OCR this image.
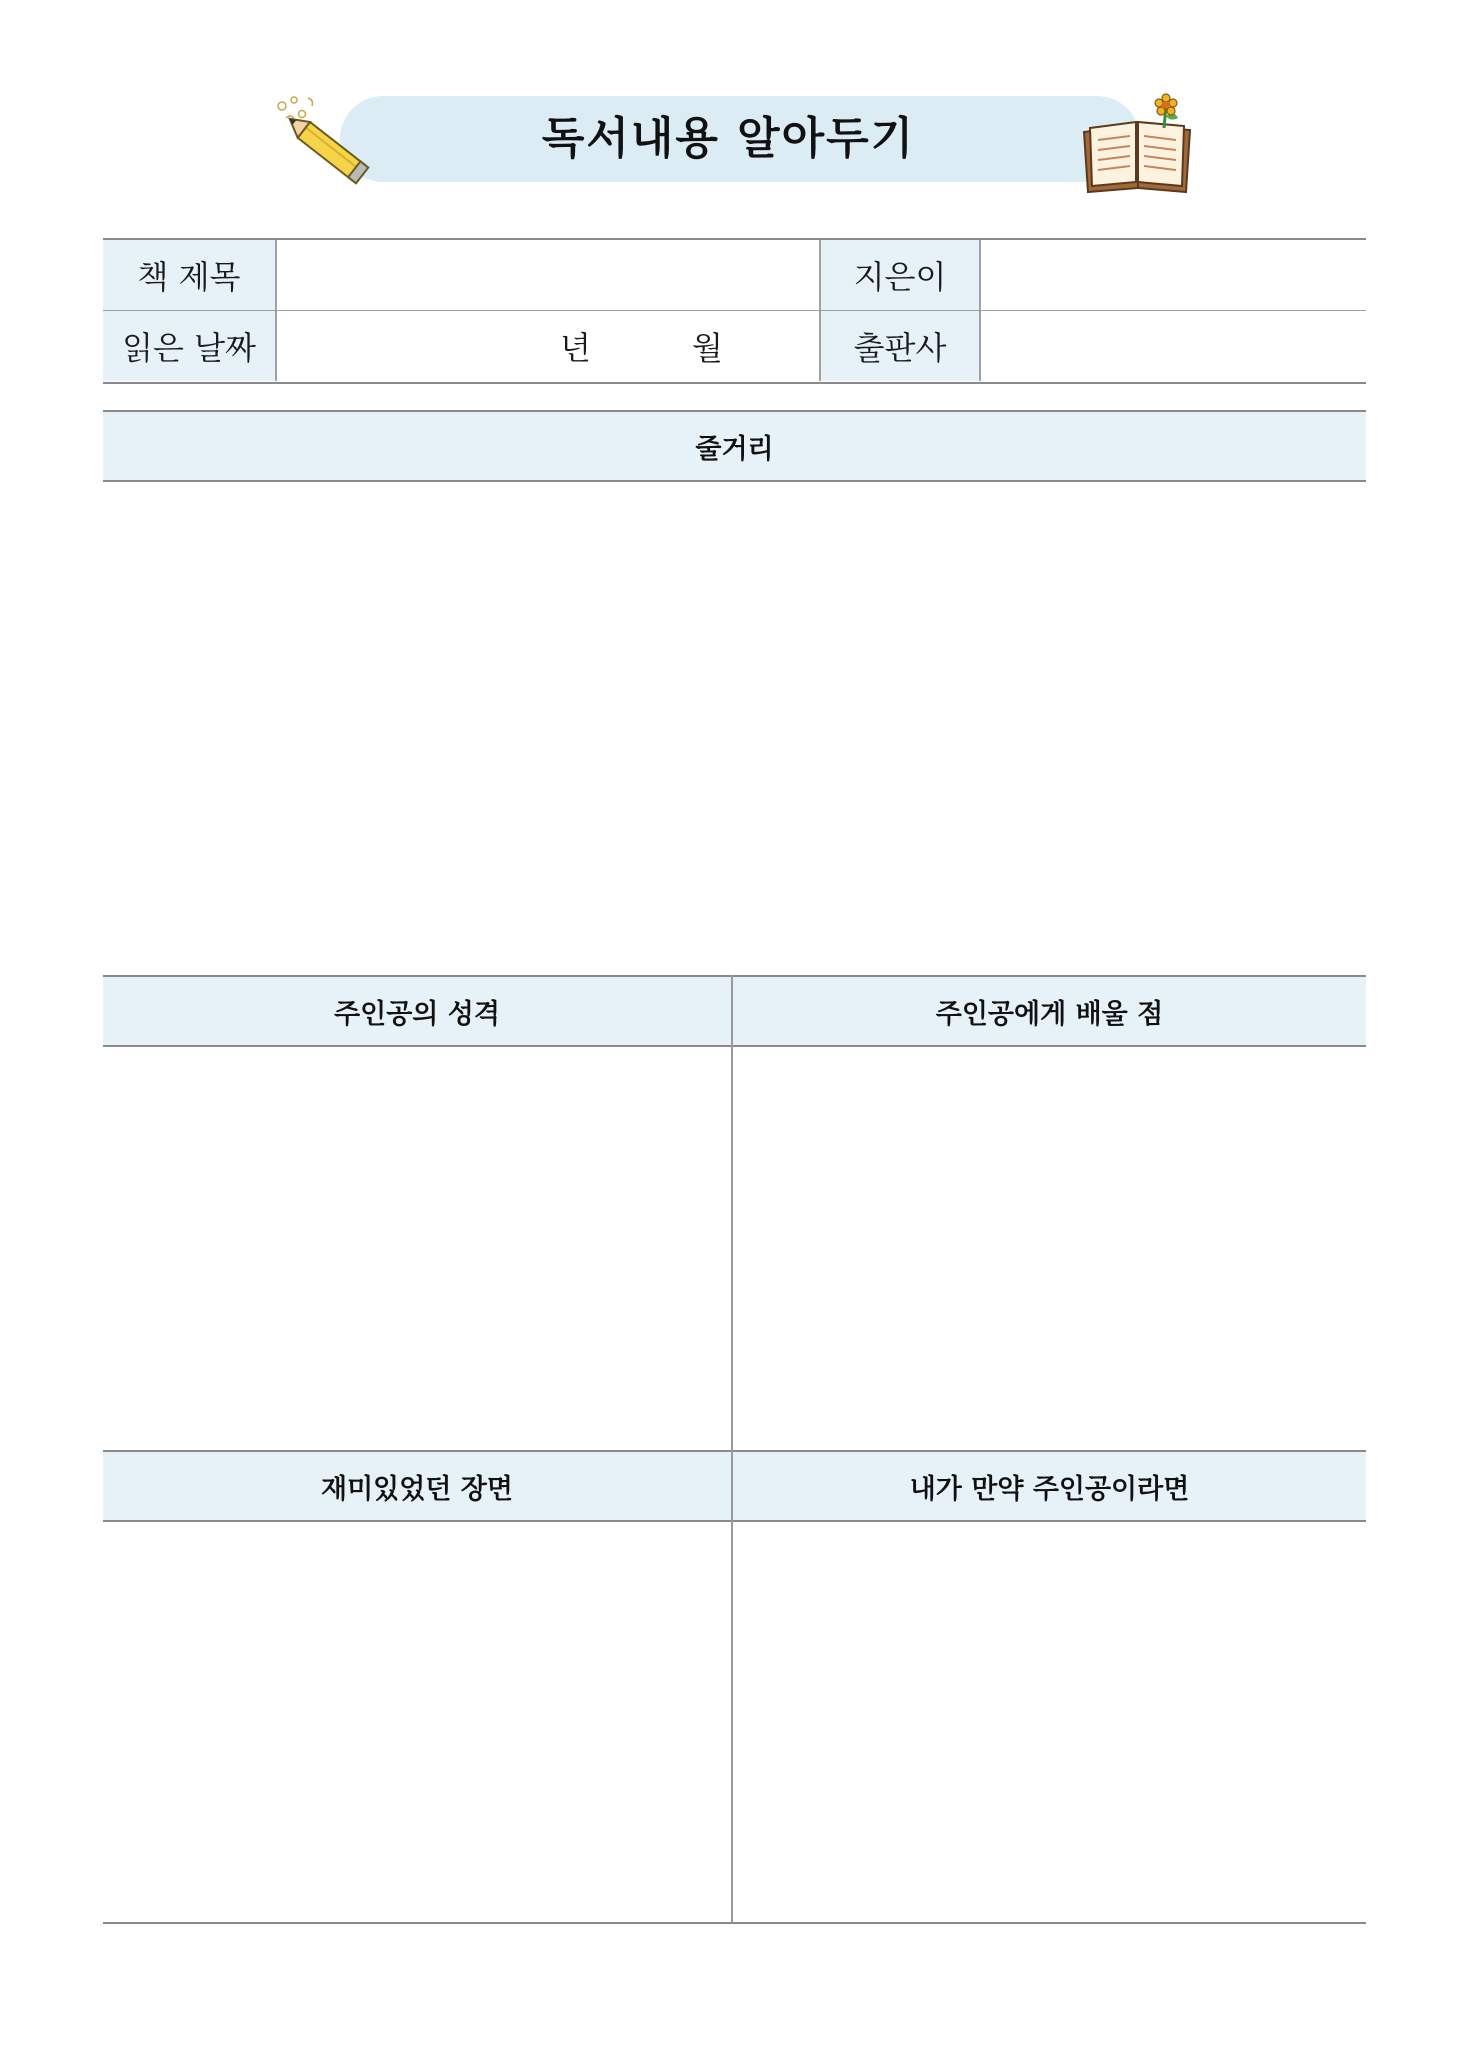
독서내용 알아두기
책 제목	지은이
읽은 날짜	년	월	출판사
줄거리
주인공의 성격	주인공에게 배울 점
재미있었던 장면	내가 만약 주인공이라면
